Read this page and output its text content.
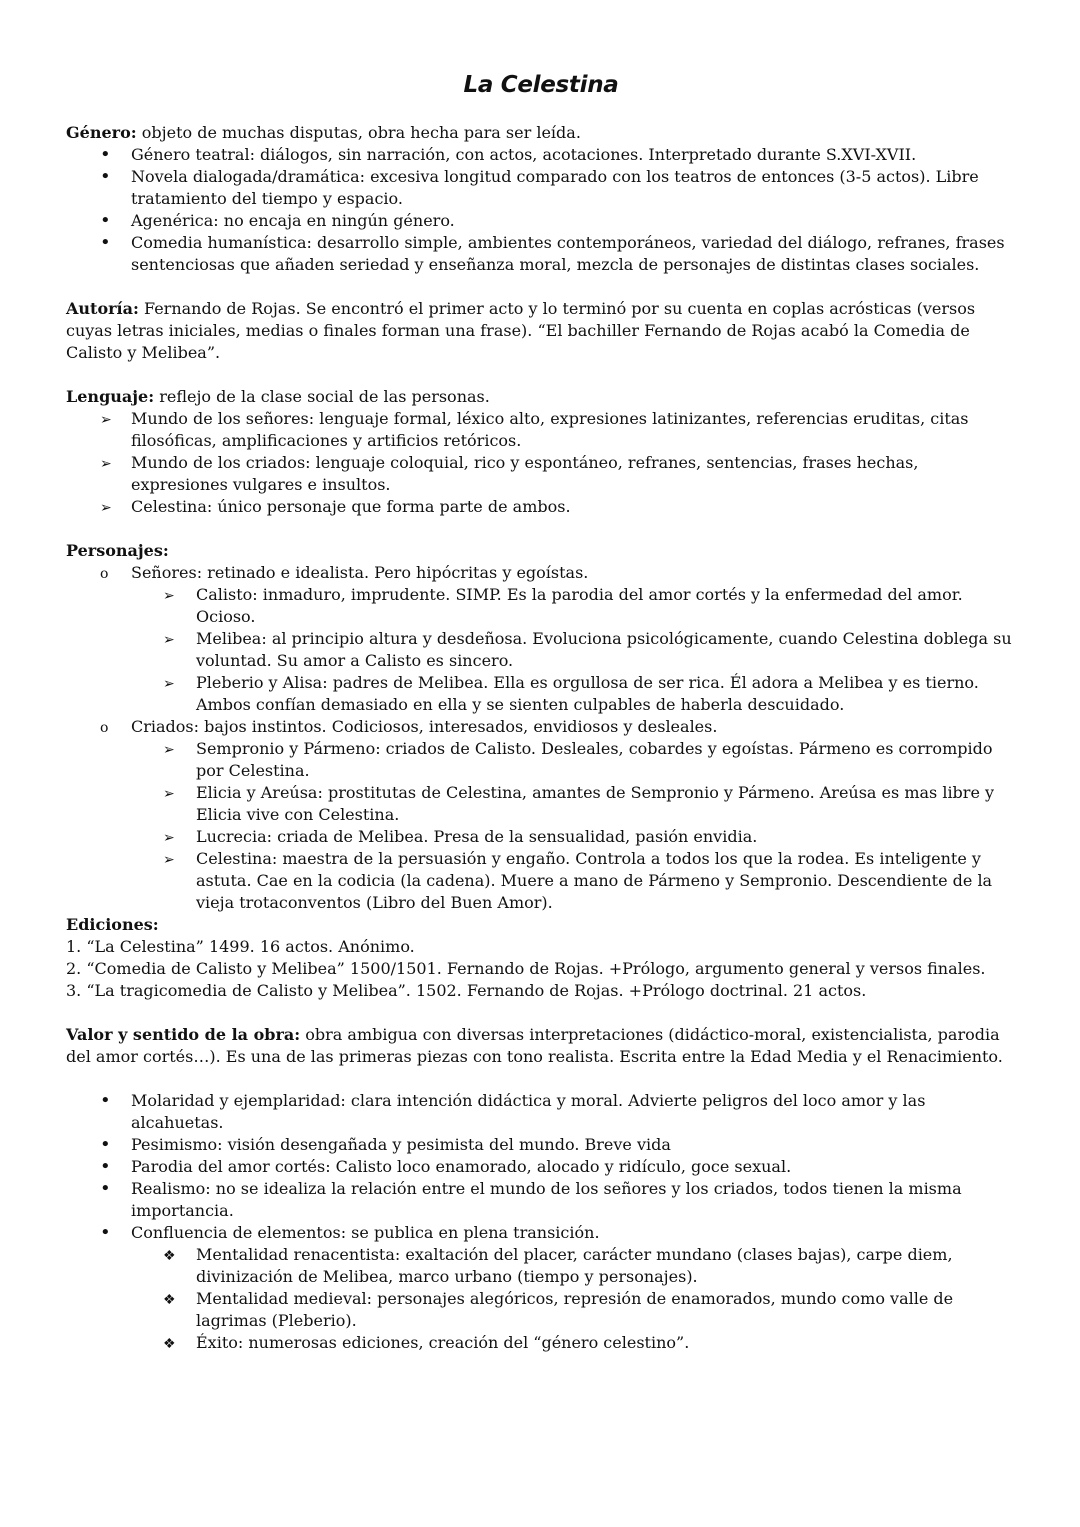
La Celestina

Género: objeto de muchas disputas, obra hecha para ser leída.

•
Género teatral: diálogos, sin narración, con actos, acotaciones. Interpretado durante S.XVI-XVII.
•
Novela dialogada/dramática: excesiva longitud comparado con los teatros de entonces (3-5 actos). Libre tratamiento del tiempo y espacio.
•
Agenérica: no encaja en ningún género.
•
Comedia humanística: desarrollo simple, ambientes contemporáneos, variedad del diálogo, refranes, frases sentenciosas que añaden seriedad y enseñanza moral, mezcla de personajes de distintas clases sociales.

Autoría: Fernando de Rojas. Se encontró el primer acto y lo terminó por su cuenta en coplas acrósticas (versos cuyas letras iniciales, medias o finales forman una frase). “El bachiller Fernando de Rojas acabó la Comedia de Calisto y Melibea”.

Lenguaje: reflejo de la clase social de las personas.

➢
Mundo de los señores: lenguaje formal, léxico alto, expresiones latinizantes, referencias eruditas, citas filosóficas, amplificaciones y artificios retóricos.
➢
Mundo de los criados: lenguaje coloquial, rico y espontáneo, refranes, sentencias, frases hechas, expresiones vulgares e insultos.
➢
Celestina: único personaje que forma parte de ambos.

Personajes:

o
Señores: retinado e idealista. Pero hipócritas y egoístas.
➢
Calisto: inmaduro, imprudente. SIMP. Es la parodia del amor cortés y la enfermedad del amor. Ocioso.
➢
Melibea: al principio altura y desdeñosa. Evoluciona psicológicamente, cuando Celestina doblega su voluntad. Su amor a Calisto es sincero.
➢
Pleberio y Alisa: padres de Melibea. Ella es orgullosa de ser rica. Él adora a Melibea y es tierno. Ambos confían demasiado en ella y se sienten culpables de haberla descuidado.
o
Criados: bajos instintos. Codiciosos, interesados, envidiosos y desleales.
➢
Sempronio y Pármeno: criados de Calisto. Desleales, cobardes y egoístas. Pármeno es corrompido por Celestina.
➢
Elicia y Areúsa: prostitutas de Celestina, amantes de Sempronio y Pármeno. Areúsa es mas libre y Elicia vive con Celestina.
➢
Lucrecia: criada de Melibea. Presa de la sensualidad, pasión envidia.
➢
Celestina: maestra de la persuasión y engaño. Controla a todos los que la rodea. Es inteligente y astuta. Cae en la codicia (la cadena). Muere a mano de Pármeno y Sempronio. Descendiente de la vieja trotaconventos (Libro del Buen Amor).

Ediciones:

1. “La Celestina” 1499. 16 actos. Anónimo.

2. “Comedia de Calisto y Melibea” 1500/1501. Fernando de Rojas. +Prólogo, argumento general y versos finales.

3. “La tragicomedia de Calisto y Melibea”. 1502. Fernando de Rojas. +Prólogo doctrinal. 21 actos.

Valor y sentido de la obra: obra ambigua con diversas interpretaciones (didáctico-moral, existencialista, parodia del amor cortés…). Es una de las primeras piezas con tono realista. Escrita entre la Edad Media y el Renacimiento.

•
Molaridad y ejemplaridad: clara intención didáctica y moral. Advierte peligros del loco amor y las alcahuetas.
•
Pesimismo: visión desengañada y pesimista del mundo. Breve vida
•
Parodia del amor cortés: Calisto loco enamorado, alocado y ridículo, goce sexual.
•
Realismo: no se idealiza la relación entre el mundo de los señores y los criados, todos tienen la misma importancia.
•
Confluencia de elementos: se publica en plena transición.
❖
Mentalidad renacentista: exaltación del placer, carácter mundano (clases bajas), carpe diem, divinización de Melibea, marco urbano (tiempo y personajes).
❖
Mentalidad medieval: personajes alegóricos, represión de enamorados, mundo como valle de lagrimas (Pleberio).
❖
Éxito: numerosas ediciones, creación del “género celestino”.
